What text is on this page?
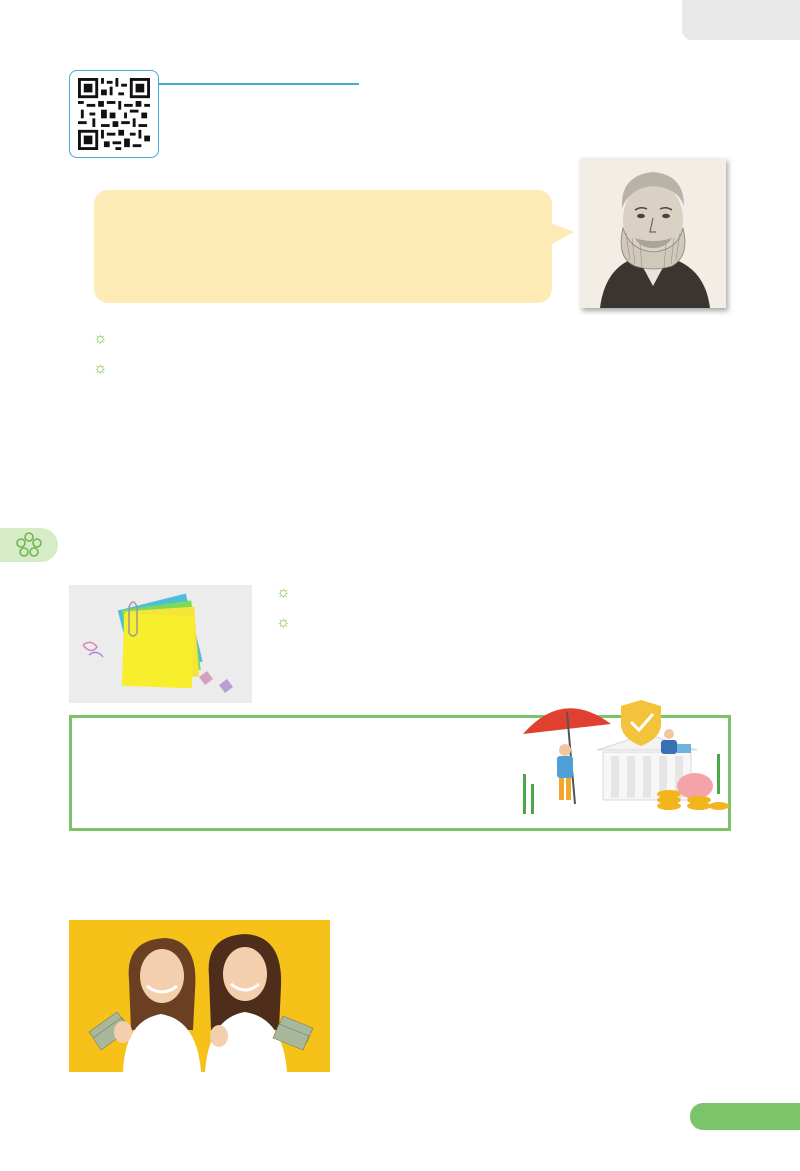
☼
☼

☼
☼
